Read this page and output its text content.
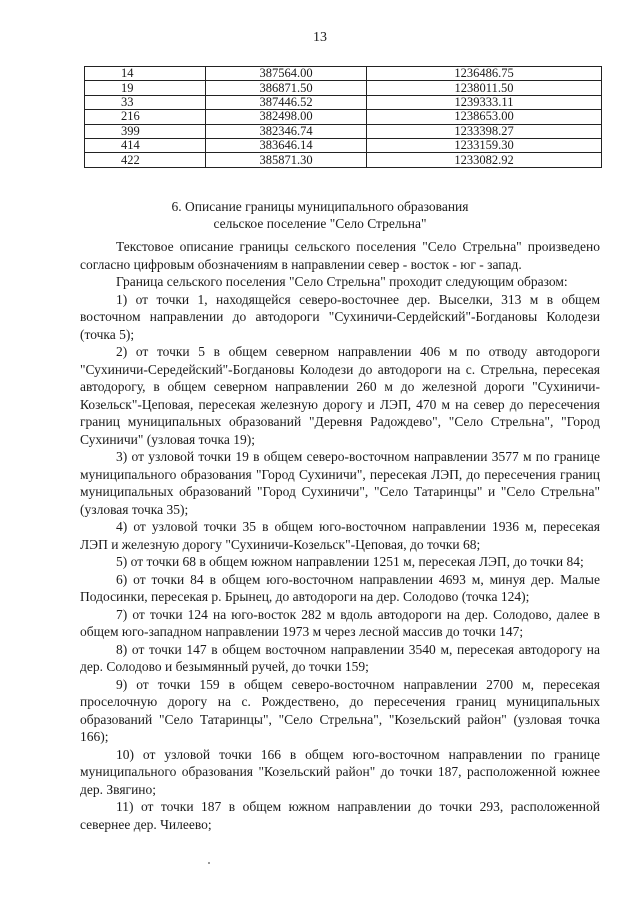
13
14	387564.00	1236486.75
19	386871.50	1238011.50
33	387446.52	1239333.11
216	382498.00	1238653.00
399	382346.74	1233398.27
414	383646.14	1233159.30
422	385871.30	1233082.92
6. Описание границы муниципального образования
сельское поселение "Село Стрельна"

Текстовое описание границы сельского поселения "Село Стрельна" произведено согласно цифровым обозначениям в направлении север - восток - юг - запад.

Граница сельского поселения "Село Стрельна" проходит следующим образом:

1) от точки 1, находящейся северо-восточнее дер. Выселки, 313 м в общем восточном направлении до автодороги "Сухиничи-Сердейский"-Богдановы Колодези (точка 5);

2) от точки 5 в общем северном направлении 406 м по отводу автодороги "Сухиничи-Середейский"-Богдановы Колодези до автодороги на с. Стрельна, пересекая автодорогу, в общем северном направлении 260 м до железной дороги "Сухиничи-Козельск"-Цеповая, пересекая железную дорогу и ЛЭП, 470 м на север до пересечения границ муниципальных образований "Деревня Радождево", "Село Стрельна", "Город Сухиничи" (узловая точка 19);

3) от узловой точки 19 в общем северо-восточном направлении 3577 м по границе муниципального образования "Город Сухиничи", пересекая ЛЭП, до пересечения границ муниципальных образований "Город Сухиничи", "Село Татаринцы" и "Село Стрельна" (узловая точка 35);

4) от узловой точки 35 в общем юго-восточном направлении 1936 м, пересекая ЛЭП и железную дорогу "Сухиничи-Козельск"-Цеповая, до точки 68;

5) от точки 68 в общем южном направлении 1251 м, пересекая ЛЭП, до точки 84;

6) от точки 84 в общем юго-восточном направлении 4693 м, минуя дер. Малые Подосинки, пересекая р. Брынец, до автодороги на дер. Солодово (точка 124);

7) от точки 124 на юго-восток 282 м вдоль автодороги на дер. Солодово, далее в общем юго-западном направлении 1973 м через лесной массив до точки 147;

8) от точки 147 в общем восточном направлении 3540 м, пересекая автодорогу на дер. Солодово и безымянный ручей, до точки 159;

9) от точки 159 в общем северо-восточном направлении 2700 м, пересекая проселочную дорогу на с. Рождествено, до пересечения границ муниципальных образований "Село Татаринцы", "Село Стрельна", "Козельский район" (узловая точка 166);

10) от узловой точки 166 в общем юго-восточном направлении по границе муниципального образования "Козельский район" до точки 187, расположенной южнее дер. Звягино;

11) от точки 187 в общем южном направлении до точки 293, расположенной севернее дер. Чилеево;
